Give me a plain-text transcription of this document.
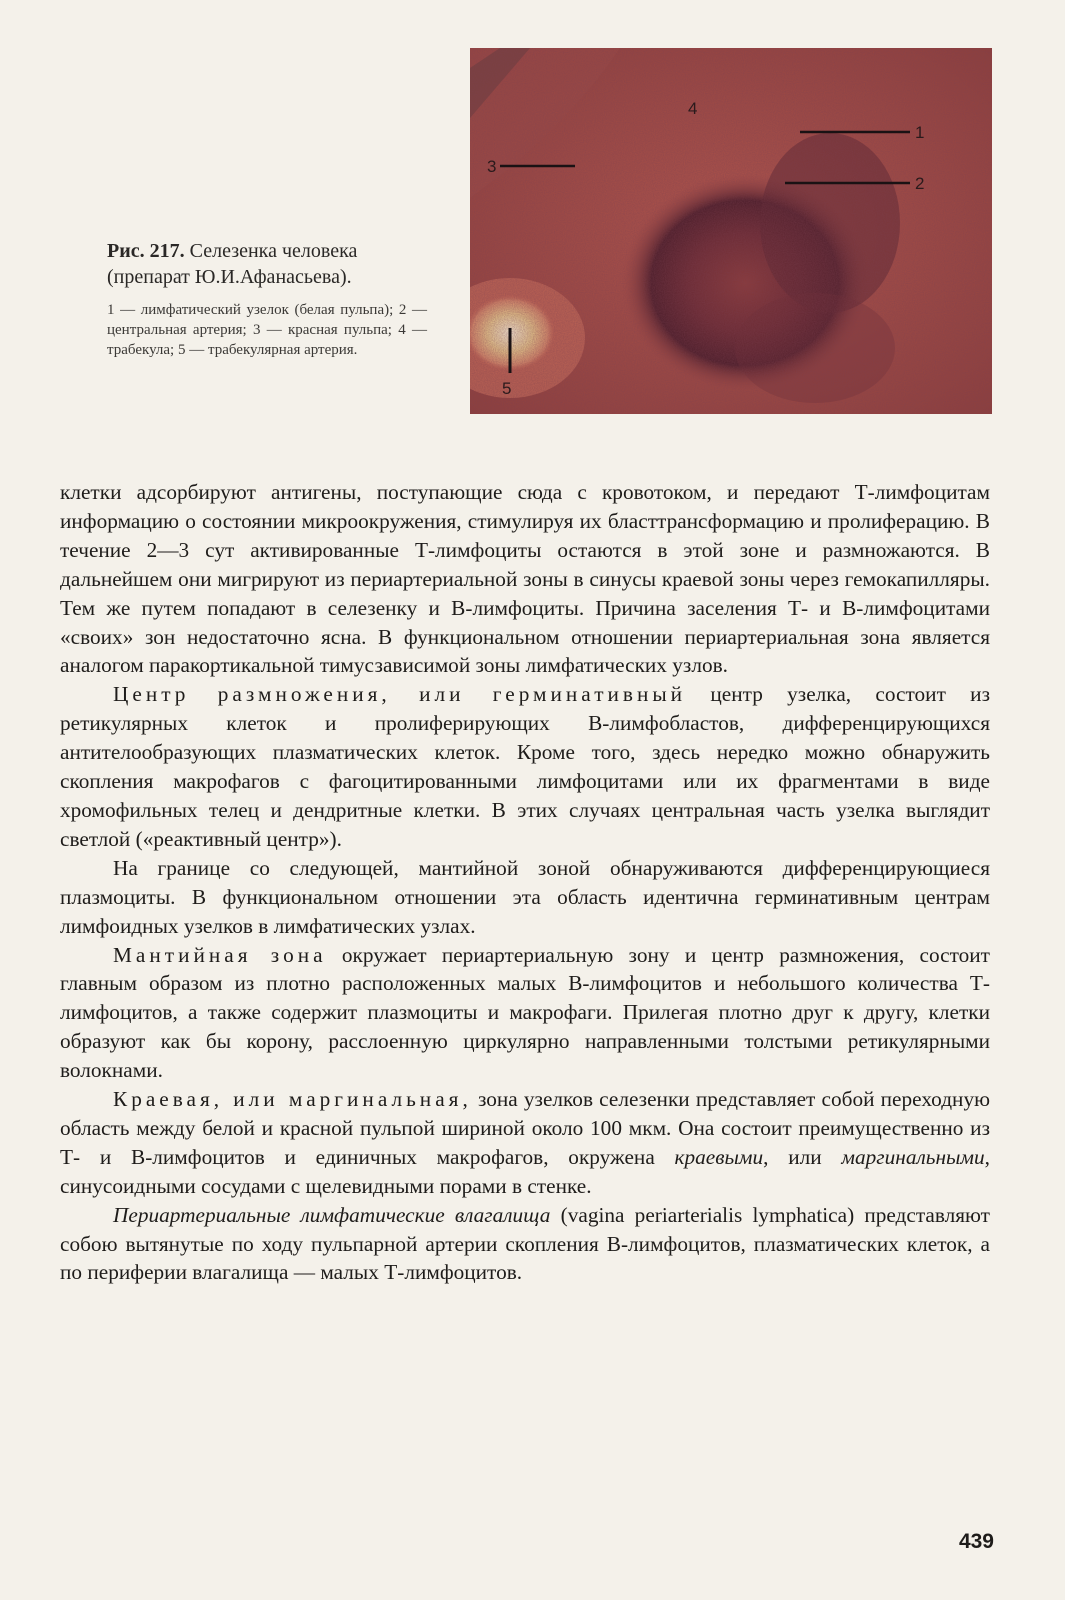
Рис. 217. Селезенка человека (препарат Ю.И.Афанасьева).

1 — лимфатический узелок (белая пульпа); 2 — центральная артерия; 3 — красная пульпа; 4 — трабекула; 5 — трабекулярная артерия.

1
2
3
4
5

клетки адсорбируют антигены, поступающие сюда с кровотоком, и передают Т-лимфоцитам информацию о состоянии микроокружения, стимулируя их бласттрансформацию и пролиферацию. В течение 2—3 сут активированные Т-лимфоциты остаются в этой зоне и размножаются. В дальнейшем они мигрируют из периартериальной зоны в синусы краевой зоны через гемокапилляры. Тем же путем попадают в селезенку и В-лимфоциты. Причина заселения Т- и В-лимфоцитами «своих» зон недостаточно ясна. В функциональном отношении периартериальная зона является аналогом паракортикальной тимусзависимой зоны лимфатических узлов.

Центр размножения, или герминативный центр узелка, состоит из ретикулярных клеток и пролиферирующих В-лимфобластов, дифференцирующихся антителообразующих плазматических клеток. Кроме того, здесь нередко можно обнаружить скопления макрофагов с фагоцитированными лимфоцитами или их фрагментами в виде хромофильных телец и дендритные клетки. В этих случаях центральная часть узелка выглядит светлой («реактивный центр»).

На границе со следующей, мантийной зоной обнаруживаются дифференцирующиеся плазмоциты. В функциональном отношении эта область идентична герминативным центрам лимфоидных узелков в лимфатических узлах.

Мантийная зона окружает периартериальную зону и центр размножения, состоит главным образом из плотно расположенных малых В-лимфоцитов и небольшого количества Т-лимфоцитов, а также содержит плазмоциты и макрофаги. Прилегая плотно друг к другу, клетки образуют как бы корону, расслоенную циркулярно направленными толстыми ретикулярными волокнами.

Краевая, или маргинальная, зона узелков селезенки представляет собой переходную область между белой и красной пульпой шириной около 100 мкм. Она состоит преимущественно из Т- и В-лимфоцитов и единичных макрофагов, окружена краевыми, или маргинальными, синусоидными сосудами с щелевидными порами в стенке.

Периартериальные лимфатические влагалища (vagina periarterialis lymphatica) представляют собою вытянутые по ходу пульпарной артерии скопления В-лимфоцитов, плазматических клеток, а по периферии влагалища — малых Т-лимфоцитов.

439
